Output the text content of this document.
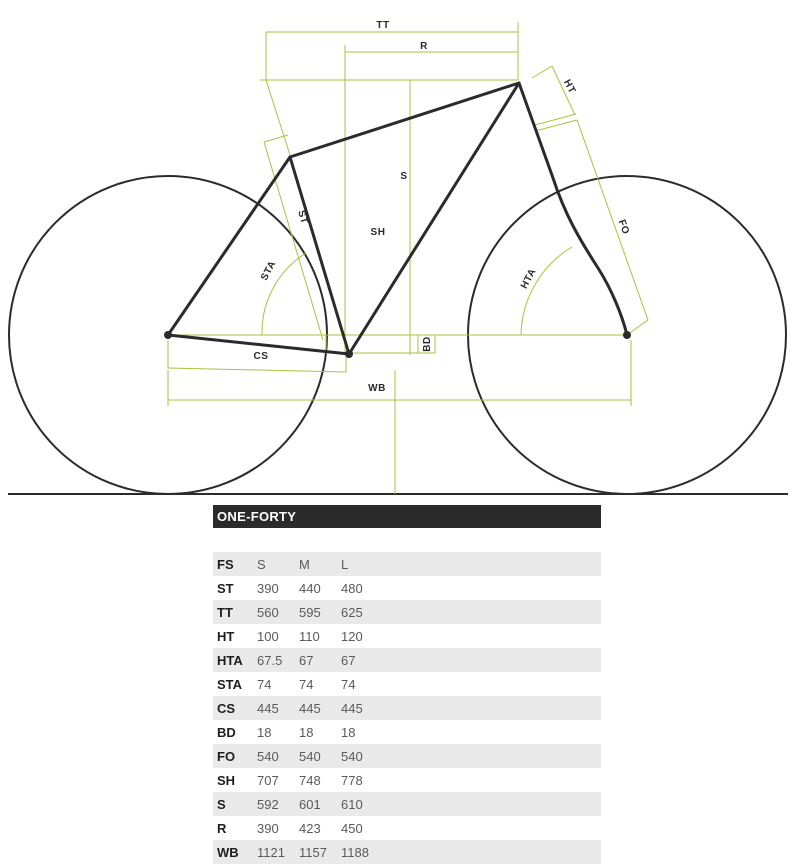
TT
R
HT
S
ST
SH
STA	HTA
FO
CS
BD
WB
ONE-FORTY
FS	S	M	L	
ST	390	440	480	
TT	560	595	625	
HT	100	110	120	
HTA	67.5	67	67	
STA	74	74	74	
CS	445	445	445	
BD	18	18	18	
FO	540	540	540	
SH	707	748	778	
S	592	601	610	
R	390	423	450	
WB	1121	1157	1188	
